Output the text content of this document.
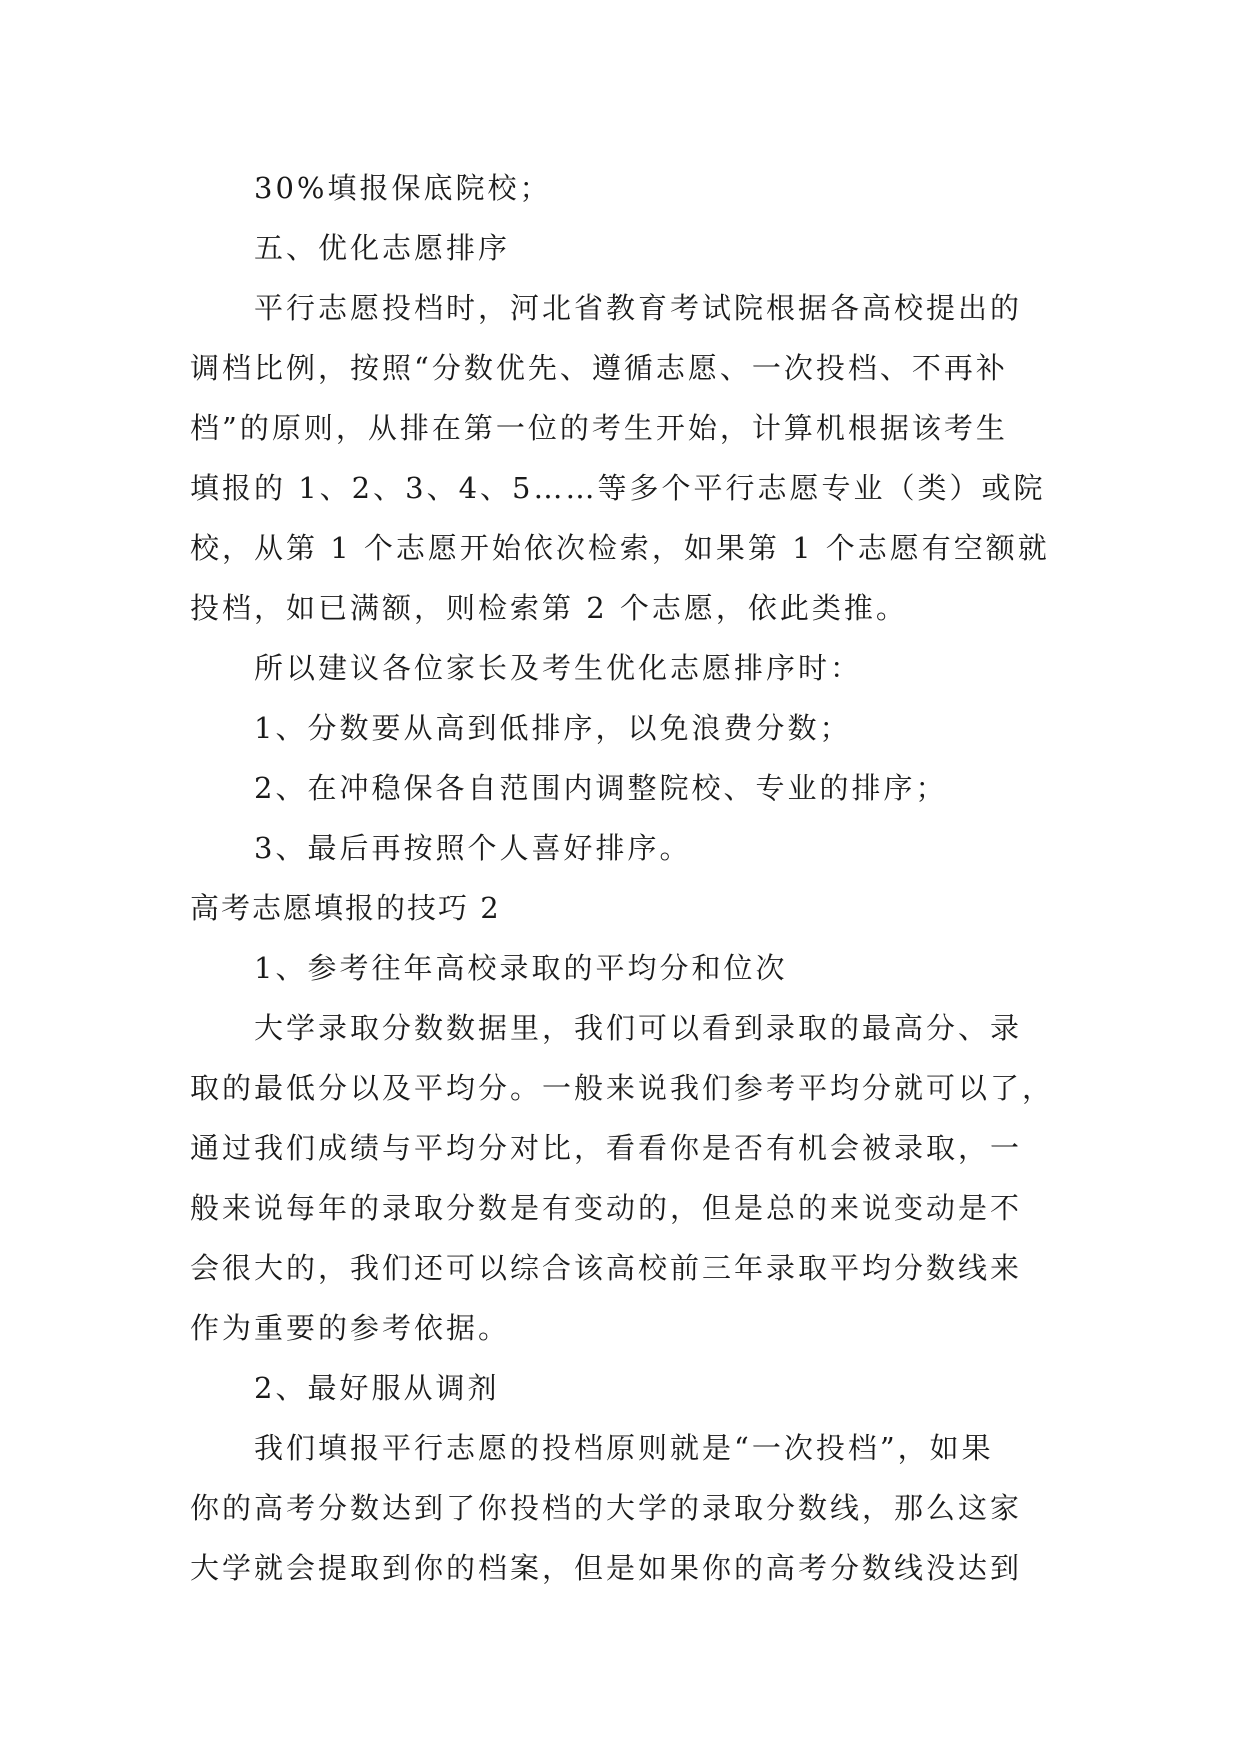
30%填报保底院校；
五、优化志愿排序
平行志愿投档时，河北省教育考试院根据各高校提出的
调档比例，按照“分数优先、遵循志愿、一次投档、不再补
档”的原则，从排在第一位的考生开始，计算机根据该考生
填报的 1、2、3、4、5……等多个平行志愿专业（类）或院
校，从第 1 个志愿开始依次检索，如果第 1 个志愿有空额就
投档，如已满额，则检索第 2 个志愿，依此类推。
所以建议各位家长及考生优化志愿排序时：
1、分数要从高到低排序，以免浪费分数；
2、在冲稳保各自范围内调整院校、专业的排序；
3、最后再按照个人喜好排序。
高考志愿填报的技巧 2
1、参考往年高校录取的平均分和位次
大学录取分数数据里，我们可以看到录取的最高分、录
取的最低分以及平均分。一般来说我们参考平均分就可以了，
通过我们成绩与平均分对比，看看你是否有机会被录取，一
般来说每年的录取分数是有变动的，但是总的来说变动是不
会很大的，我们还可以综合该高校前三年录取平均分数线来
作为重要的参考依据。
2、最好服从调剂
我们填报平行志愿的投档原则就是“一次投档”，如果
你的高考分数达到了你投档的大学的录取分数线，那么这家
大学就会提取到你的档案，但是如果你的高考分数线没达到
